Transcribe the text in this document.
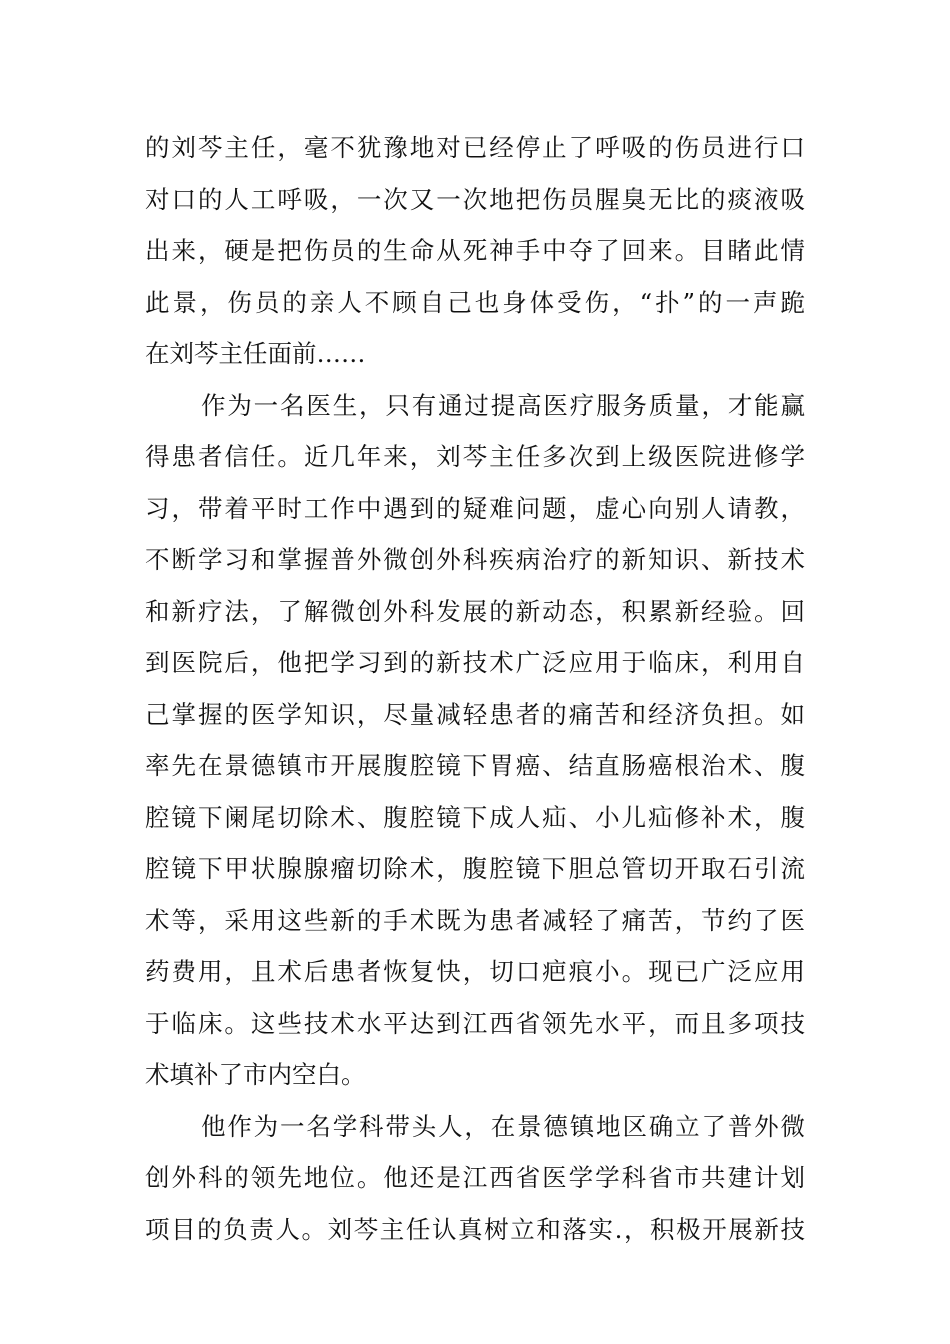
的刘芩主任，毫不犹豫地对已经停止了呼吸的伤员进行口
对口的人工呼吸，一次又一次地把伤员腥臭无比的痰液吸
出来，硬是把伤员的生命从死神手中夺了回来。目睹此情
此景，伤员的亲人不顾自己也身体受伤，“扑”的一声跪
在刘芩主任面前……
作为一名医生，只有通过提高医疗服务质量，才能赢
得患者信任。近几年来，刘芩主任多次到上级医院进修学
习，带着平时工作中遇到的疑难问题，虚心向别人请教，
不断学习和掌握普外微创外科疾病治疗的新知识、新技术
和新疗法，了解微创外科发展的新动态，积累新经验。回
到医院后，他把学习到的新技术广泛应用于临床，利用自
己掌握的医学知识，尽量减轻患者的痛苦和经济负担。如
率先在景德镇市开展腹腔镜下胃癌、结直肠癌根治术、腹
腔镜下阑尾切除术、腹腔镜下成人疝、小儿疝修补术，腹
腔镜下甲状腺腺瘤切除术，腹腔镜下胆总管切开取石引流
术等，采用这些新的手术既为患者减轻了痛苦，节约了医
药费用，且术后患者恢复快，切口疤痕小。现已广泛应用
于临床。这些技术水平达到江西省领先水平，而且多项技
术填补了市内空白。
他作为一名学科带头人，在景德镇地区确立了普外微
创外科的领先地位。他还是江西省医学学科省市共建计划
项目的负责人。刘芩主任认真树立和落实.，积极开展新技
